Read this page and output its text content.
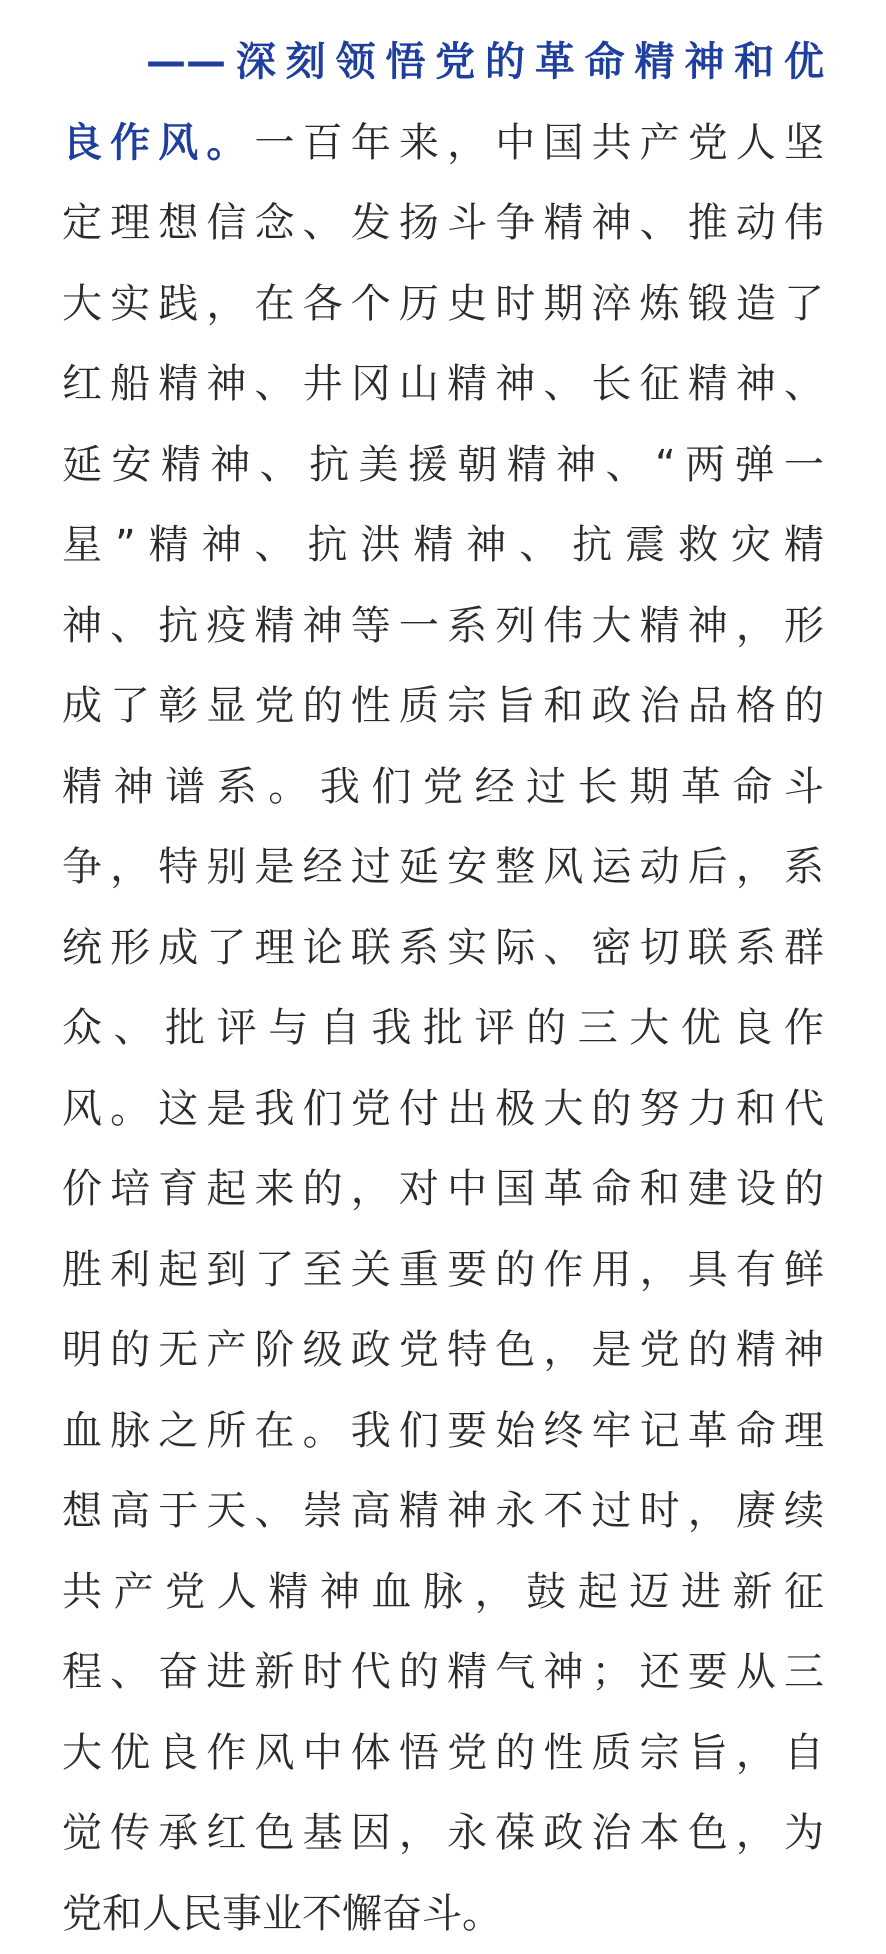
——深刻领悟党的革命精神和优
良作风。一百年来，中国共产党人坚
定理想信念、发扬斗争精神、推动伟
大实践，在各个历史时期淬炼锻造了
红船精神、井冈山精神、长征精神、
延安精神、抗美援朝精神、“两弹一
星”精神、抗洪精神、抗震救灾精
神、抗疫精神等一系列伟大精神，形
成了彰显党的性质宗旨和政治品格的
精神谱系。我们党经过长期革命斗
争，特别是经过延安整风运动后，系
统形成了理论联系实际、密切联系群
众、批评与自我批评的三大优良作
风。这是我们党付出极大的努力和代
价培育起来的，对中国革命和建设的
胜利起到了至关重要的作用，具有鲜
明的无产阶级政党特色，是党的精神
血脉之所在。我们要始终牢记革命理
想高于天、崇高精神永不过时，赓续
共产党人精神血脉，鼓起迈进新征
程、奋进新时代的精气神；还要从三
大优良作风中体悟党的性质宗旨，自
觉传承红色基因，永葆政治本色，为
党和人民事业不懈奋斗。
